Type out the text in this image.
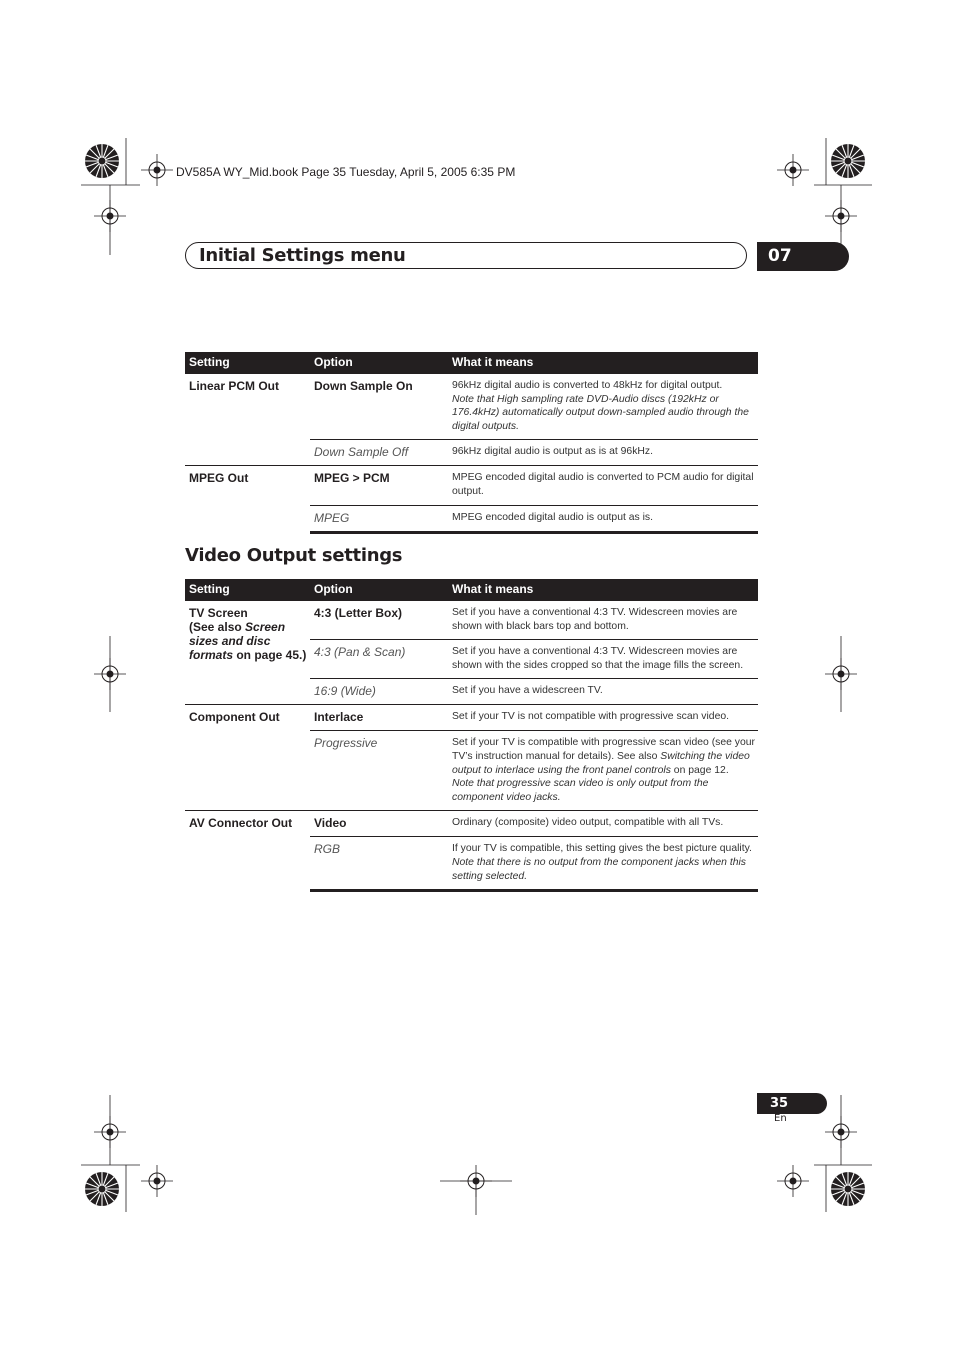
DV585A WY_Mid.book Page 35 Tuesday, April 5, 2005 6:35 PM
Initial Settings menu	07
Setting	Option	What it means
Linear PCM Out	Down Sample On	96kHz digital audio is converted to 48kHz for digital output.
Note that High sampling rate DVD-Audio discs (192kHz or 176.4kHz) automatically output down-sampled audio through the digital outputs.
	Down Sample Off	96kHz digital audio is output as is at 96kHz.
MPEG Out	MPEG > PCM	MPEG encoded digital audio is converted to PCM audio for digital output.
	MPEG	MPEG encoded digital audio is output as is.
Video Output settings
Setting	Option	What it means
TV Screen
(See also Screen sizes and disc formats on page 45.)	4:3 (Letter Box)	Set if you have a conventional 4:3 TV. Widescreen movies are shown with black bars top and bottom.
	4:3 (Pan & Scan)	Set if you have a conventional 4:3 TV. Widescreen movies are shown with the sides cropped so that the image fills the screen.
	16:9 (Wide)	Set if you have a widescreen TV.
Component Out	Interlace	Set if your TV is not compatible with progressive scan video.
	Progressive	Set if your TV is compatible with progressive scan video (see your TV’s instruction manual for details). See also Switching the video output to interlace using the front panel controls on page 12.
Note that progressive scan video is only output from the component video jacks.
AV Connector Out	Video	Ordinary (composite) video output, compatible with all TVs.
	RGB	If your TV is compatible, this setting gives the best picture quality.
Note that there is no output from the component jacks when this setting selected.
35
En
